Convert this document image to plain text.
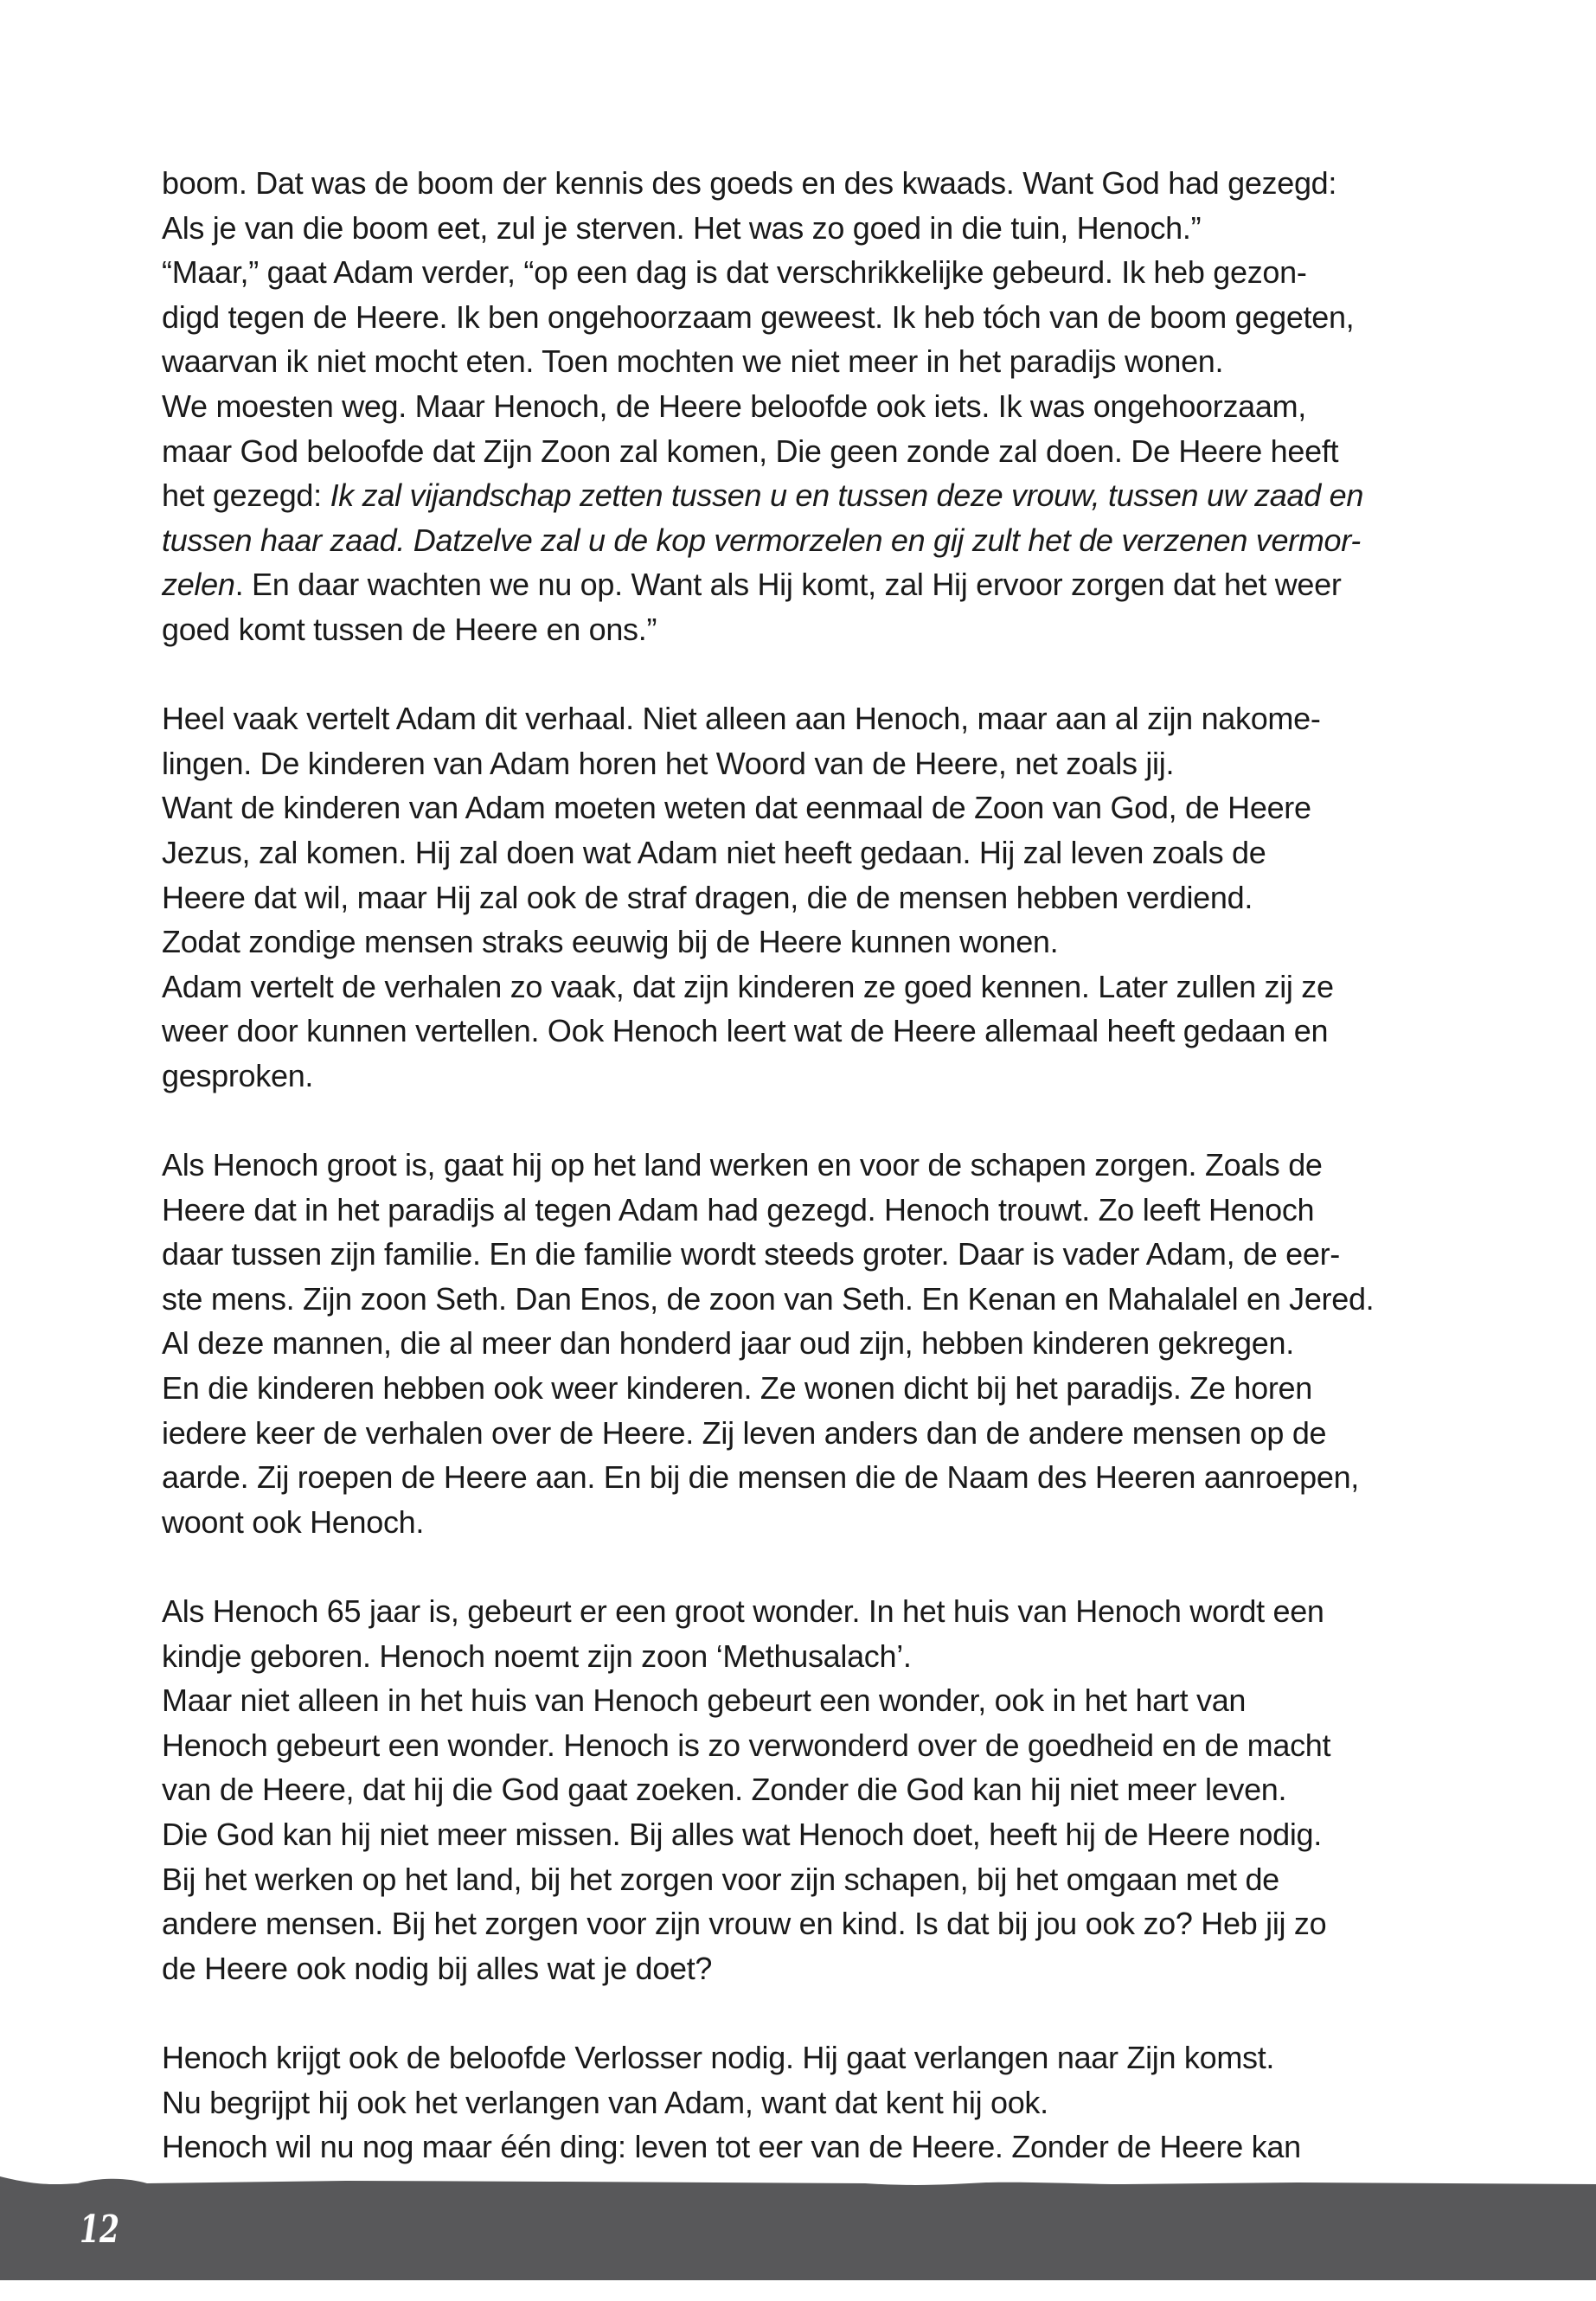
boom. Dat was de boom der kennis des goeds en des kwaads. Want God had gezegd:
Als je van die boom eet, zul je sterven. Het was zo goed in die tuin, Henoch.”
“Maar,” gaat Adam verder, “op een dag is dat verschrikkelijke gebeurd. Ik heb gezon-
digd tegen de Heere. Ik ben ongehoorzaam geweest. Ik heb tóch van de boom gegeten,
waarvan ik niet mocht eten. Toen mochten we niet meer in het paradijs wonen.
We moesten weg. Maar Henoch, de Heere beloofde ook iets. Ik was ongehoorzaam,
maar God beloofde dat Zijn Zoon zal komen, Die geen zonde zal doen. De Heere heeft
het gezegd: Ik zal vijandschap zetten tussen u en tussen deze vrouw, tussen uw zaad en
tussen haar zaad. Datzelve zal u de kop vermorzelen en gij zult het de verzenen vermor-
zelen. En daar wachten we nu op. Want als Hij komt, zal Hij ervoor zorgen dat het weer
goed komt tussen de Heere en ons.”
Heel vaak vertelt Adam dit verhaal. Niet alleen aan Henoch, maar aan al zijn nakome-
lingen. De kinderen van Adam horen het Woord van de Heere, net zoals jij.
Want de kinderen van Adam moeten weten dat eenmaal de Zoon van God, de Heere
Jezus, zal komen. Hij zal doen wat Adam niet heeft gedaan. Hij zal leven zoals de
Heere dat wil, maar Hij zal ook de straf dragen, die de mensen hebben verdiend.
Zodat zondige mensen straks eeuwig bij de Heere kunnen wonen.
Adam vertelt de verhalen zo vaak, dat zijn kinderen ze goed kennen. Later zullen zij ze
weer door kunnen vertellen. Ook Henoch leert wat de Heere allemaal heeft gedaan en
gesproken.
Als Henoch groot is, gaat hij op het land werken en voor de schapen zorgen. Zoals de
Heere dat in het paradijs al tegen Adam had gezegd. Henoch trouwt. Zo leeft Henoch
daar tussen zijn familie. En die familie wordt steeds groter. Daar is vader Adam, de eer-
ste mens. Zijn zoon Seth. Dan Enos, de zoon van Seth. En Kenan en Mahalalel en Jered.
Al deze mannen, die al meer dan honderd jaar oud zijn, hebben kinderen gekregen.
En die kinderen hebben ook weer kinderen. Ze wonen dicht bij het paradijs. Ze horen
iedere keer de verhalen over de Heere. Zij leven anders dan de andere mensen op de
aarde. Zij roepen de Heere aan. En bij die mensen die de Naam des Heeren aanroepen,
woont ook Henoch.
Als Henoch 65 jaar is, gebeurt er een groot wonder. In het huis van Henoch wordt een
kindje geboren. Henoch noemt zijn zoon ‘Methusalach’.
Maar niet alleen in het huis van Henoch gebeurt een wonder, ook in het hart van
Henoch gebeurt een wonder. Henoch is zo verwonderd over de goedheid en de macht
van de Heere, dat hij die God gaat zoeken. Zonder die God kan hij niet meer leven.
Die God kan hij niet meer missen. Bij alles wat Henoch doet, heeft hij de Heere nodig.
Bij het werken op het land, bij het zorgen voor zijn schapen, bij het omgaan met de
andere mensen. Bij het zorgen voor zijn vrouw en kind. Is dat bij jou ook zo? Heb jij zo
de Heere ook nodig bij alles wat je doet?
Henoch krijgt ook de beloofde Verlosser nodig. Hij gaat verlangen naar Zijn komst.
Nu begrijpt hij ook het verlangen van Adam, want dat kent hij ook.
Henoch wil nu nog maar één ding: leven tot eer van de Heere. Zonder de Heere kan
12
